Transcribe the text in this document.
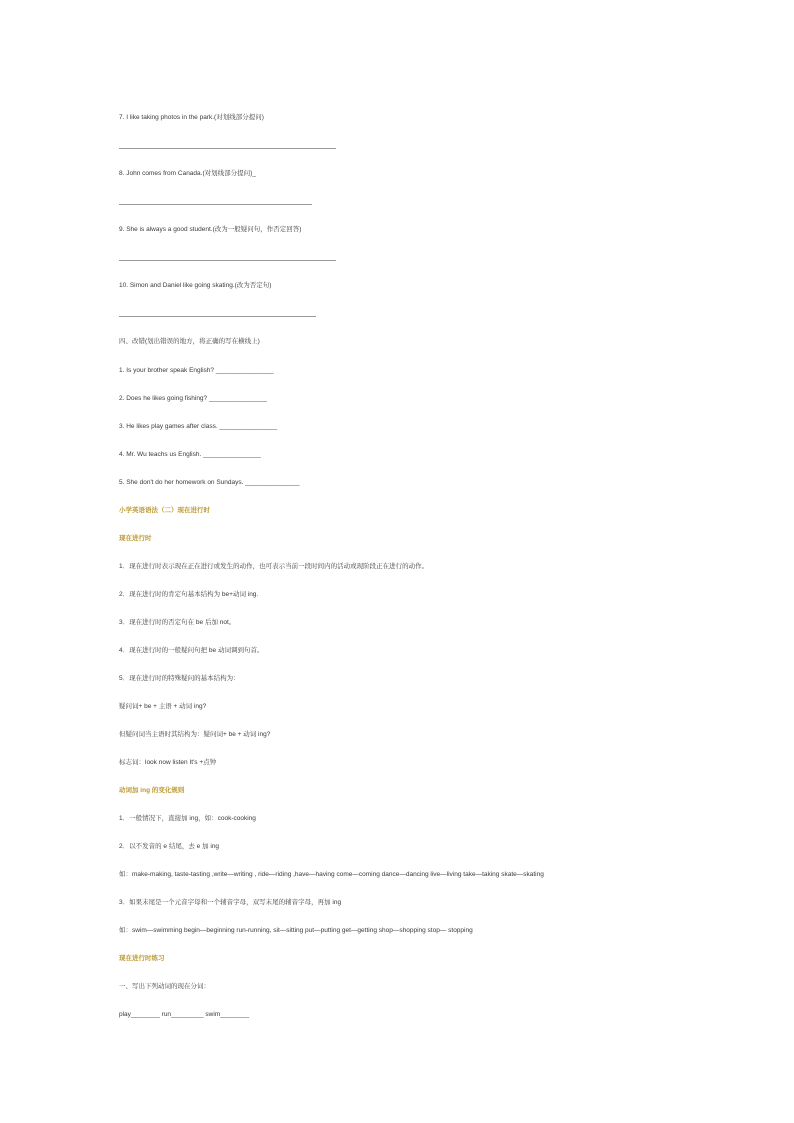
7. I like taking photos in the park.(对划线部分提问)
8. John comes from Canada.(对划线部分提问)_
9. She is always a good student.(改为一般疑问句，作否定回答)
10. Simon and Daniel like going skating.(改为否定句)
四、改错(划出错误的地方，将正确的写在横线上)
1. Is your brother speak English? ________________
2. Does he likes going fishing? ________________
3. He likes play games after class. ________________
4. Mr. Wu teachs us English. ________________
5. She don't do her homework on Sundays. _______________
小学英语语法（二）现在进行时
现在进行时
1．现在进行时表示现在正在进行或发生的动作，也可表示当前一段时间内的活动或现阶段正在进行的动作。
2．现在进行时的肯定句基本结构为 be+动词 ing.
3．现在进行时的否定句在 be 后加 not。
4．现在进行时的一般疑问句把 be 动词调到句首。
5．现在进行时的特殊疑问的基本结构为：
疑问词+ be + 主语 + 动词 ing?
但疑问词当主语时其结构为：疑问词+ be + 动词 ing?
标志词：look now listen It's +点钟
动词加 ing 的变化规则
1．一般情况下，直接加 ing，如：cook-cooking
2．以不发音的 e 结尾，去 e 加 ing
如：make-making, taste-tasting ,write—writing , ride—riding ,have—having come—coming dance—dancing live—living take—taking skate—skating
3．如果末尾是一个元音字母和一个辅音字母，双写末尾的辅音字母，再加 ing
如：swim—swimming begin—beginning run-running, sit—sitting put—putting get—getting shop—shopping stop— stopping
现在进行时练习
一、写出下列动词的现在分词：
play________ run_________ swim________
